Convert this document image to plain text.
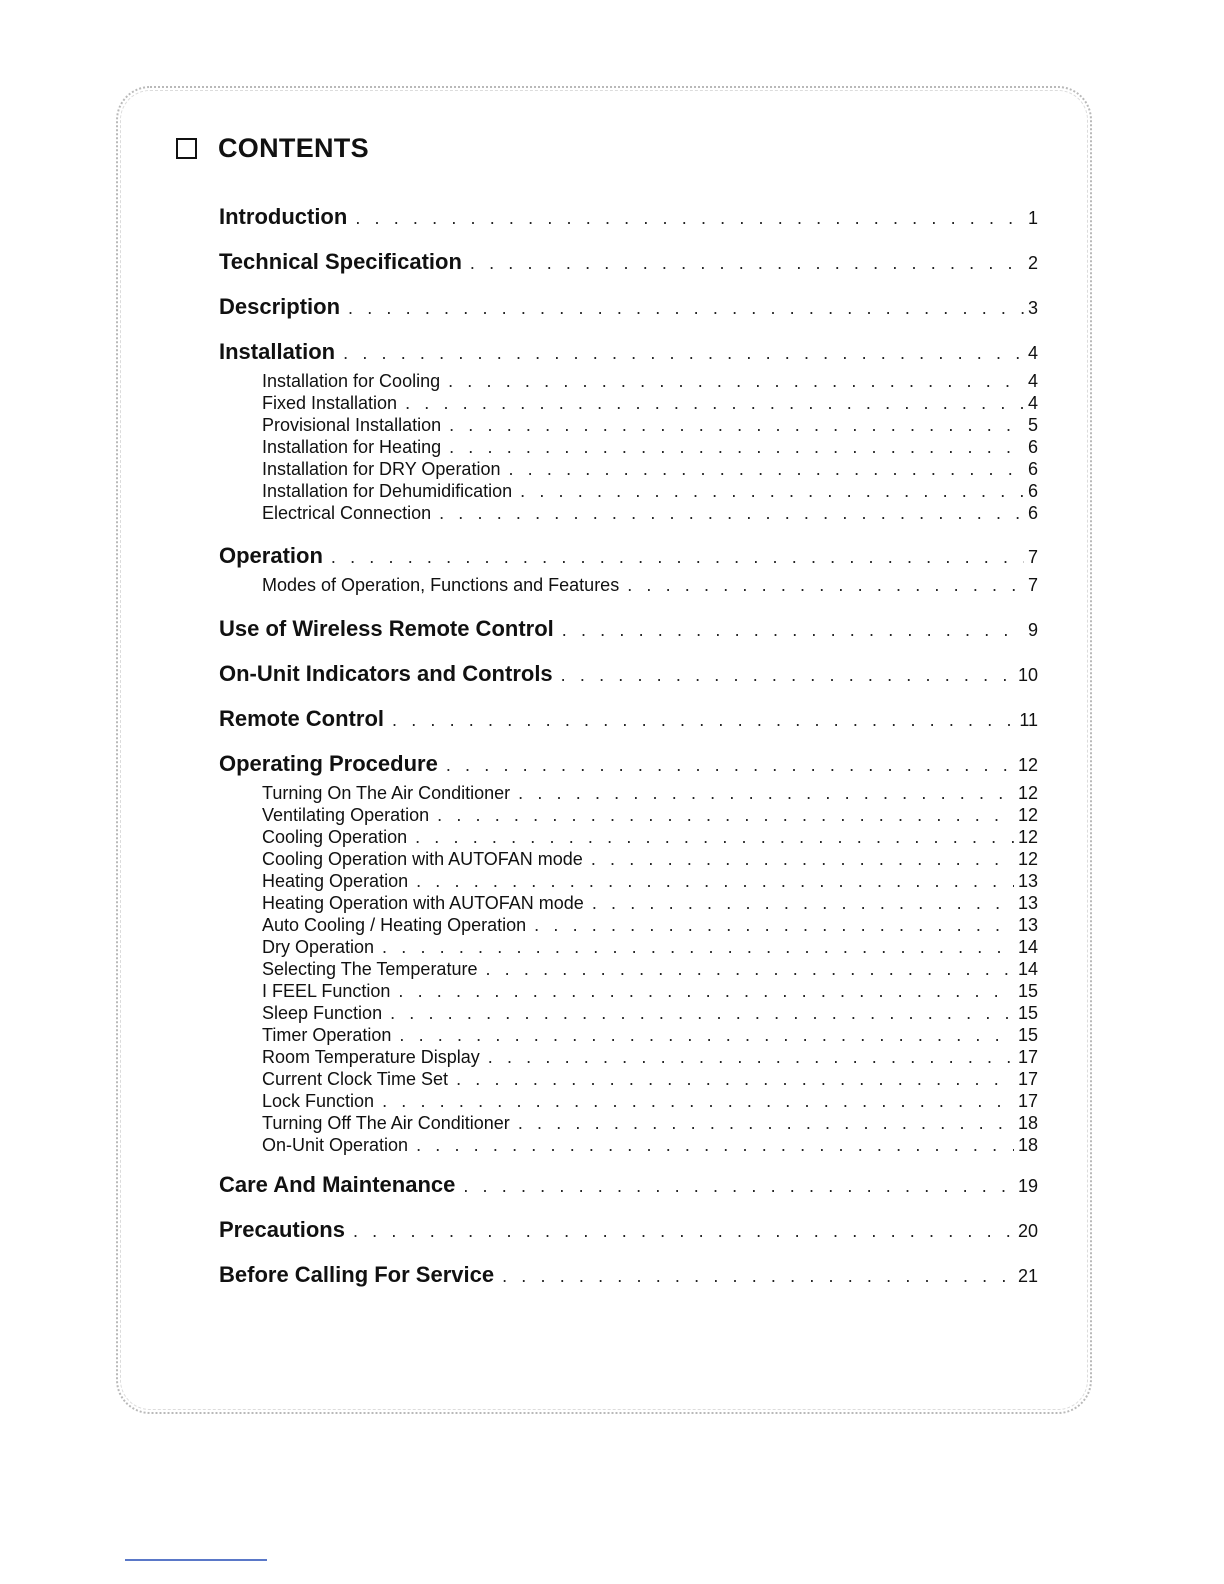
CONTENTS
Introduction . . .	1
Technical Specification . . .	2
Description . . .	3
Installation . . .	4
Installation for Cooling . . .	4
Fixed Installation . . .	4
Provisional Installation . . .	5
Installation for Heating . . .	6
Installation for DRY Operation . . .	6
Installation for Dehumidification . . .	6
Electrical Connection . . .	6
Operation . . .	7
Modes of Operation, Functions and Features . . .	7
Use of Wireless Remote Control . . .	9
On-Unit Indicators and Controls . . .	10
Remote Control . . .	11
Operating Procedure . . .	12
Turning On The Air Conditioner . . .	12
Ventilating Operation . . .	12
Cooling Operation . . .	12
Cooling Operation with AUTOFAN mode . . .	12
Heating Operation . . .	13
Heating Operation with AUTOFAN mode . . .	13
Auto Cooling / Heating Operation . . .	13
Dry Operation . . .	14
Selecting The Temperature . . .	14
I FEEL Function . . .	15
Sleep Function . . .	15
Timer Operation . . .	15
Room Temperature Display . . .	17
Current Clock Time Set . . .	17
Lock Function . . .	17
Turning Off The Air Conditioner . . .	18
On-Unit Operation . . .	18
Care And Maintenance . . .	19
Precautions . . .	20
Before Calling For Service . . .	21
